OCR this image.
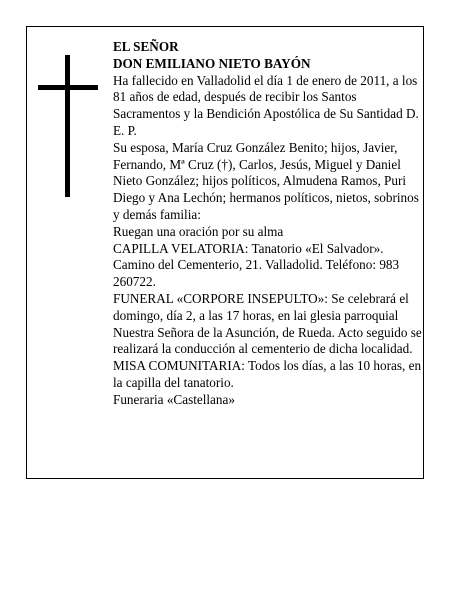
EL SEÑOR

DON EMILIANO NIETO BAYÓN

Ha fallecido en Valladolid el día 1 de enero de 2011, a los 81 años de edad, después de recibir los Santos Sacramentos y la Bendición Apostólica de Su Santidad D. E. P.

Su esposa, María Cruz González Benito; hijos, Javier, Fernando, Mª Cruz (†), Carlos, Jesús, Miguel y Daniel Nieto González; hijos políticos, Almudena Ramos, Puri Diego y Ana Lechón; hermanos políticos, nietos, sobrinos y demás familia:

Ruegan una oración por su alma

CAPILLA VELATORIA: Tanatorio «El Salvador». Camino del Cementerio, 21. Valladolid. Teléfono: 983 260722.

FUNERAL «CORPORE INSEPULTO»: Se celebrará el domingo, día 2, a las 17 horas, en lai glesia parroquial Nuestra Señora de la Asunción, de Rueda. Acto seguido se realizará la conducción al cementerio de dicha localidad.

MISA COMUNITARIA: Todos los días, a las 10 horas, en la capilla del tanatorio.

Funeraria «Castellana»
